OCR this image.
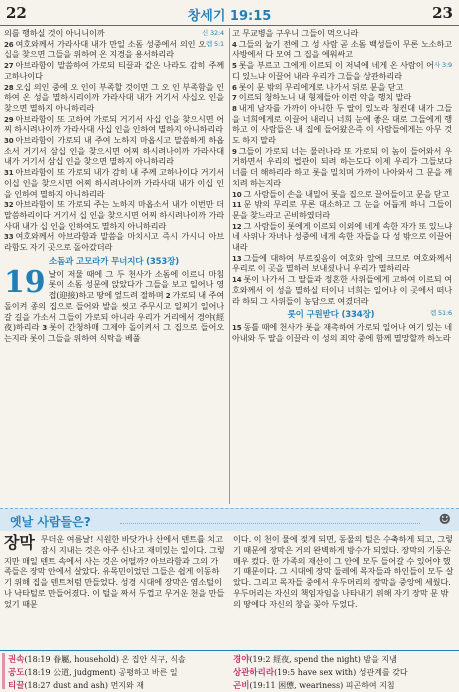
22	창세기 19:15	23

신 32:4
의를 행하실 것이 아니니이까

렘 5:1
26 여호와께서 가라사대 내가 만일 소돔 성중에서 의인 오십을 찾으면 그들을 위하여 온 지경을 용서하리라

27 아브라함이 말씀하여 가로되 티끌과 같은 나라도 감히 주께 고하나이다

28 오십 의인 중에 오 인이 부족할 것이면 그 오 인 부족함을 인하여 온 성을 멸하시리이까 가라사대 내가 거기서 사십오 인을 찾으면 멸하지 아니하리라

29 아브라함이 또 고하여 가로되 거기서 사십 인을 찾으시면 어찌 하시려나이까 가라사대 사십 인을 인하여 멸하지 아니하리라

30 아브라함이 가로되 내 주여 노하지 마옵시고 말씀하게 하옵소서 거기서 삼십 인을 찾으시면 어찌 하시려나이까 가라사대 내가 거기서 삼십 인을 찾으면 멸하지 아니하리라

31 아브라함이 또 가로되 내가 감히 내 주께 고하나이다 거기서 이십 인을 찾으시면 어찌 하시려나이까 가라사대 내가 이십 인을 인하여 멸하지 아니하리라

32 아브라함이 또 가로되 주는 노하지 마옵소서 내가 이번만 더 말씀하리이다 거기서 십 인을 찾으시면 어찌 하시려나이까 가라사대 내가 십 인을 인하여도 멸하지 아니하리라

33 여호와께서 아브라함과 말씀을 마치시고 즉시 가시니 아브라함도 자기 곳으로 돌아갔더라

소돔과 고모라가 무너지다 (353장)
19 날이 저물 때에 그 두 천사가 소돔에 이르니 마침 롯이 소돔 성문에 앉았다가 그들을 보고 일어나 영접(迎接)하고 땅에 엎드려 절하며 2 가로되 내 주여 돌이켜 종의 집으로 들어와 발을 씻고 주무시고 일찌기 일어나 갈 길을 가소서 그들이 가로되 아니라 우리가 거리에서 경야(經夜)하리라 3 롯이 간청하매 그제야 돌이켜서 그 집으로 들어오는지라 롯이 그들을 위하여 식탁을 베풀

고 무교병을 구우니 그들이 먹으니라

4 그들의 눕기 전에 그 성 사람 곧 소돔 백성들이 무론 노소하고 사방에서 다 모여 그 집을 에워싸고

사 3:9
5 롯을 부르고 그에게 이르되 이 저녁에 네게 온 사람이 어디 있느냐 이끌어 내라 우리가 그들을 상관하리라

6 롯이 문 밖의 무리에게로 나가서 뒤로 문을 닫고

7 이르되 청하노니 내 형제들아 이런 악을 행치 말라

8 내게 남자를 가까이 아니한 두 딸이 있노라 청컨대 내가 그들을 너희에게로 이끌어 내리니 너희 눈에 좋은 대로 그들에게 행하고 이 사람들은 내 집에 들어왔은즉 이 사람들에게는 아무 것도 하지 말라

9 그들이 가로되 너는 물러나라 또 가로되 이 놈이 들어와서 우거하면서 우리의 법관이 되려 하는도다 이제 우리가 그들보다 너를 더 해하리라 하고 롯을 밀치며 가까이 나아와서 그 문을 깨치려 하는지라

10 그 사람들이 손을 내밀어 롯을 집으로 끌어들이고 문을 닫고

11 문 밖의 무리로 무론 대소하고 그 눈을 어둡게 하니 그들이 문을 찾느라고 곤비하였더라

12 그 사람들이 롯에게 이르되 이외에 네게 속한 자가 또 있느냐 네 사위나 자녀나 성중에 네게 속한 자들을 다 성 밖으로 이끌어 내라

13 그들에 대하여 부르짖음이 여호와 앞에 크므로 여호와께서 우리로 이 곳을 멸하러 보내셨나니 우리가 멸하리라

14 롯이 나가서 그 딸들과 정혼한 사위들에게 고하여 이르되 여호와께서 이 성을 멸하실 터이니 너희는 일어나 이 곳에서 떠나라 하되 그 사위들이 농담으로 여겼더라

렘 51:6
롯이 구원받다 (334장)

15 동틀 때에 천사가 롯을 재촉하여 가로되 일어나 여기 있는 네 아내와 두 딸을 이끌라 이 성의 죄악 중에 함께 멸망할까 하노라

옛날 사람들은?	☻
장막 무더운 여름날! 시원한 바닷가나 산에서 텐트를 치고 잠시 지내는 것은 아주 신나고 재미있는 일이다. 그렇지만 매일 텐트 속에서 사는 것은 어떨까? 아브라함과 그의 가족들은 장막 안에서 살았다. 유목민이었던 그들은 쉽게 이동하기 위해 집을 텐트처럼 만들었다. 성경 시대에 장막은 염소털이나 낙타털로 만들어졌다. 이 털을 짜서 두껍고 무거운 천을 만들었기 때문
이다. 이 천이 물에 젖게 되면, 동물의 털은 수축하게 되고, 그렇기 때문에 장막은 거의 완벽하게 방수가 되었다. 장막의 기둥은 매우 컸다. 한 가족의 재산이 그 안에 모두 들어갈 수 있어야 했기 때문이다. 그 시대에 장막 둘레에 목자들과 하인들이 모두 살았다. 그리고 목자들 중에서 우두머리의 장막을 중앙에 세웠다. 우두머리는 자신의 책임자임을 나타내기 위해 자기 장막 문 밖의 땅에다 자신의 창을 꽂아 두었다.
권속(18:19 眷屬, household) 온 집안 식구, 식솔
공도(18:19 公道, judgment) 공평하고 바른 일
티끌(18:27 dust and ash) 먼지와 재
경야(19:2 經夜, spend the night) 밤을 지냄
상관하리라(19:5 have sex with) 성관계를 갖다
곤비(19:11 困憊, weariness) 피곤하여 지침
